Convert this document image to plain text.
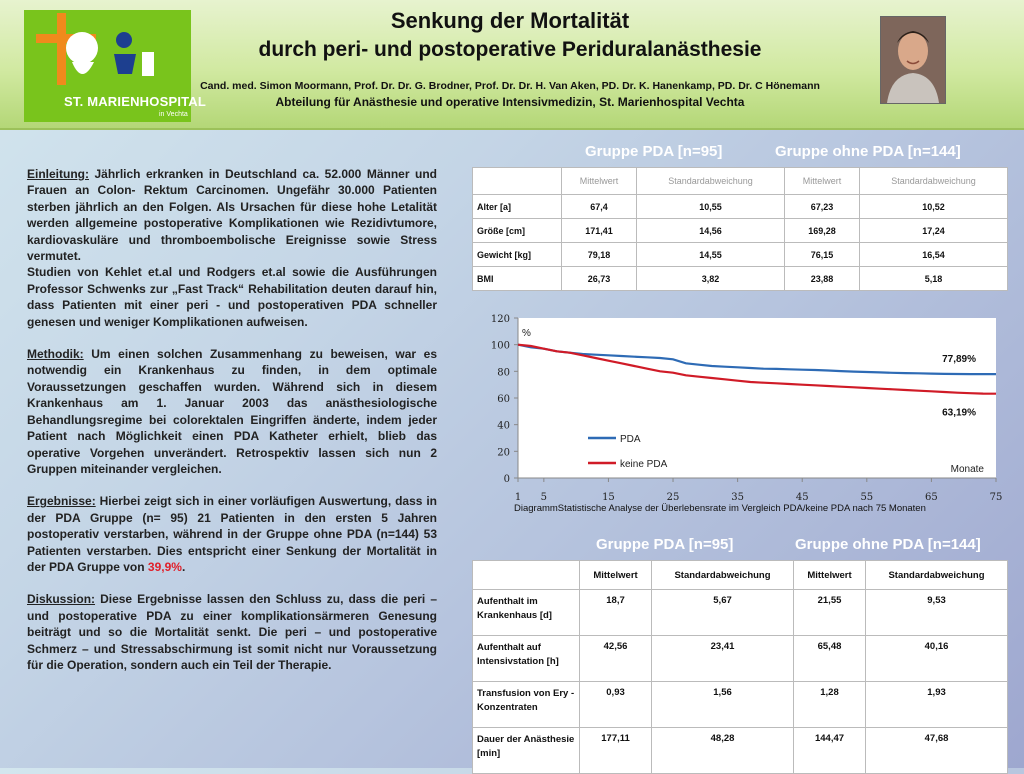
ST. MARIENHOSPITAL
in Vechta
Senkung der Mortalität
durch peri- und postoperative Periduralanästhesie
Cand. med. Simon Moormann, Prof. Dr. Dr. G. Brodner, Prof. Dr. Dr. H. Van Aken, PD. Dr. K. Hanenkamp, PD. Dr. C Hönemann
Abteilung für Anästhesie und operative Intensivmedizin, St. Marienhospital Vechta

Einleitung: Jährlich erkranken in Deutschland ca. 52.000 Männer und Frauen an Colon- Rektum Carcinomen. Ungefähr 30.000 Patienten sterben jährlich an den Folgen. Als Ursachen für diese hohe Letalität werden allgemeine postoperative Komplikationen wie Rezidivtumore, kardiovaskuläre und thromboembolische Ereignisse sowie Stress vermutet.

Studien von Kehlet et.al und Rodgers et.al sowie die Ausführungen Professor Schwenks zur „Fast Track“ Rehabilitation deuten darauf hin, dass Patienten mit einer peri - und postoperativen PDA schneller genesen und weniger Komplikationen aufweisen.

Methodik: Um einen solchen Zusammenhang zu beweisen, war es notwendig ein Krankenhaus zu finden, in dem optimale Voraussetzungen geschaffen wurden. Während sich in diesem Krankenhaus am 1. Januar 2003 das anästhesiologische Behandlungsregime bei colorektalen Eingriffen änderte, indem jeder Patient nach Möglichkeit einen PDA Katheter erhielt, blieb das operative Vorgehen unverändert. Retrospektiv lassen sich nun 2 Gruppen miteinander vergleichen.

Ergebnisse: Hierbei zeigt sich in einer vorläufigen Auswertung, dass in der PDA Gruppe (n= 95) 21 Patienten in den ersten 5 Jahren postoperativ verstarben, während in der Gruppe ohne PDA (n=144) 53 Patienten verstarben. Dies entspricht einer Senkung der Mortalität in der PDA Gruppe von 39,9%.

Diskussion: Diese Ergebnisse lassen den Schluss zu, dass die peri – und postoperative PDA zu einer komplikationsärmeren Genesung beiträgt und so die Mortalität senkt. Die peri – und postoperative Schmerz – und Stressabschirmung ist somit nicht nur Voraussetzung für die Operation, sondern auch ein Teil der Therapie.

Gruppe PDA [n=95]	Gruppe ohne PDA [n=144]
	Mittelwert	Standardabweichung	Mittelwert	Standardabweichung
Alter [a]	67,4	10,55	67,23	10,52
Größe [cm]	171,41	14,56	169,28	17,24
Gewicht [kg]	79,18	14,55	76,15	16,54
BMI	26,73	3,82	23,88	5,18
0
20
40
60
80
100
120
1 5	15	25	35	45	55	65	75
PDA
keine PDA
%
Monate
77,89%
63,19%
DiagrammStatistische Analyse der Überlebensrate im Vergleich PDA/keine PDA nach 75 Monaten
Gruppe PDA [n=95]	Gruppe ohne PDA [n=144]
	Mittelwert	Standardabweichung	Mittelwert	Standardabweichung
Aufenthalt im Krankenhaus [d]	18,7	5,67	21,55	9,53
Aufenthalt auf Intensivstation [h]	42,56	23,41	65,48	40,16
Transfusion von Ery - Konzentraten	0,93	1,56	1,28	1,93
Dauer der Anästhesie [min]	177,11	48,28	144,47	47,68
